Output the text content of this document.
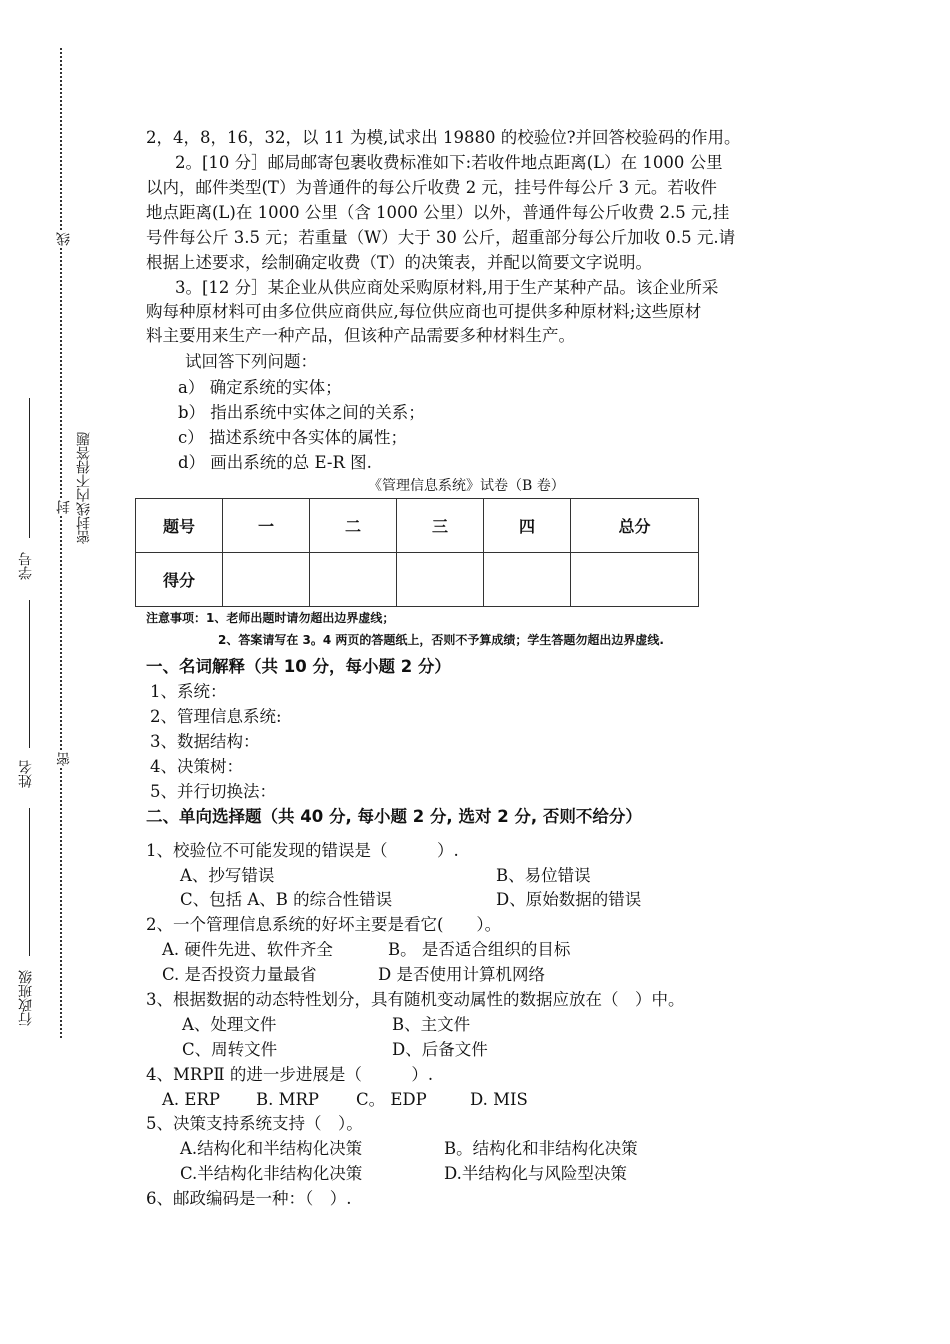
线
封
密
密封线内不得答题
学号
姓名
行政班级
2，4，8，16，32，以 11 为模,试求出 19880 的校验位?并回答校验码的作用。
2。[10 分］邮局邮寄包裹收费标准如下:若收件地点距离(L）在 1000 公里
以内，邮件类型(T）为普通件的每公斤收费 2 元，挂号件每公斤 3 元。若收件
地点距离(L)在 1000 公里（含 1000 公里）以外，普通件每公斤收费 2.5 元,挂
号件每公斤 3.5 元；若重量（W）大于 30 公斤，超重部分每公斤加收 0.5 元.请
根据上述要求，绘制确定收费（T）的决策表，并配以简要文字说明。
3。[12 分］某企业从供应商处采购原材料,用于生产某种产品。该企业所采
购每种原材料可由多位供应商供应,每位供应商也可提供多种原材料;这些原材
料主要用来生产一种产品，但该种产品需要多种材料生产。
试回答下列问题：
a） 确定系统的实体；
b） 指出系统中实体之间的关系；
c） 描述系统中各实体的属性；
d） 画出系统的总 E-R 图.
《管理信息系统》试卷（B 卷）
题号	一	二	三	四	总分
得分					
注意事项：1、老师出题时请勿超出边界虚线；
2、答案请写在 3。4 两页的答题纸上，否则不予算成绩；学生答题勿超出边界虚线.
一、名词解释（共 10 分，每小题 2 分）
1、系统：
2、管理信息系统:
3、数据结构：
4、决策树：
5、并行切换法：
二、单向选择题（共 40 分, 每小题 2 分, 选对 2 分, 否则不给分）
1、校验位不可能发现的错误是（　　　）.
A、抄写错误	B、易位错误
C、包括 A、B 的综合性错误	D、原始数据的错误
2、一个管理信息系统的好坏主要是看它(　　）。
A. 硬件先进、软件齐全	B。 是否适合组织的目标
C. 是否投资力量最省	D 是否使用计算机网络
3、根据数据的动态特性划分，具有随机变动属性的数据应放在（　）中。
A、处理文件	B、主文件
C、周转文件	D、后备文件
4、MRPⅡ 的进一步进展是（　　　）.
A. ERP B. MRP C。 EDP	D. MIS
5、决策支持系统支持（　）。
A.结构化和半结构化决策	B。结构化和非结构化决策
C.半结构化非结构化决策	D.半结构化与风险型决策
6、邮政编码是一种：（　）.
